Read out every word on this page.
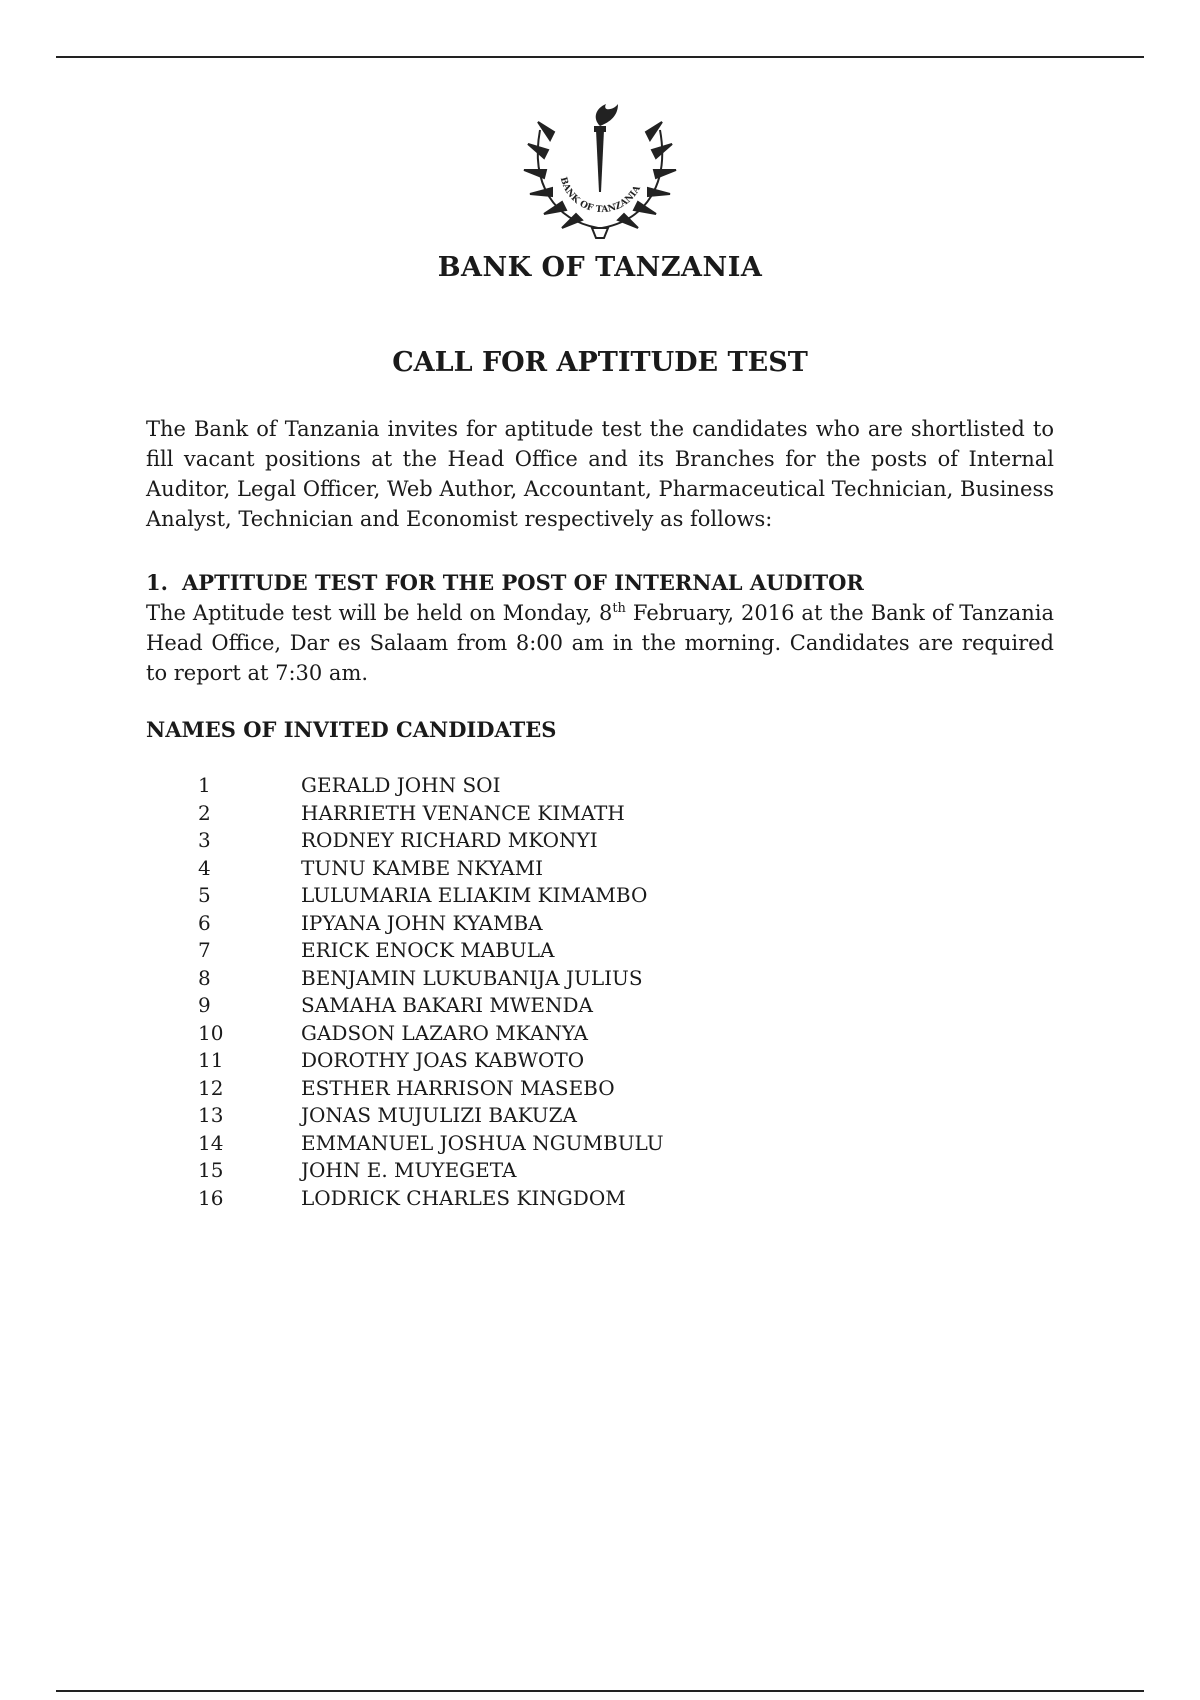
BANK OF TANZANIA
BANK OF TANZANIA
CALL FOR APTITUDE TEST

The Bank of Tanzania invites for aptitude test the candidates who are shortlisted to fill vacant positions at the Head Office and its Branches for the posts of Internal Auditor, Legal Officer, Web Author, Accountant, Pharmaceutical Technician, Business Analyst, Technician and Economist respectively as follows:

1. APTITUDE TEST FOR THE POST OF INTERNAL AUDITOR

The Aptitude test will be held on Monday, 8th February, 2016 at the Bank of Tanzania Head Office, Dar es Salaam from 8:00 am in the morning. Candidates are required to report at 7:30 am.

NAMES OF INVITED CANDIDATES

1	GERALD JOHN SOI
2	HARRIETH VENANCE KIMATH
3	RODNEY RICHARD MKONYI
4	TUNU KAMBE NKYAMI
5	LULUMARIA ELIAKIM KIMAMBO
6	IPYANA JOHN KYAMBA
7	ERICK ENOCK MABULA
8	BENJAMIN LUKUBANIJA JULIUS
9	SAMAHA BAKARI MWENDA
10	GADSON LAZARO MKANYA
11	DOROTHY JOAS KABWOTO
12	ESTHER HARRISON MASEBO
13	JONAS MUJULIZI BAKUZA
14	EMMANUEL JOSHUA NGUMBULU
15	JOHN E. MUYEGETA
16	LODRICK CHARLES KINGDOM
